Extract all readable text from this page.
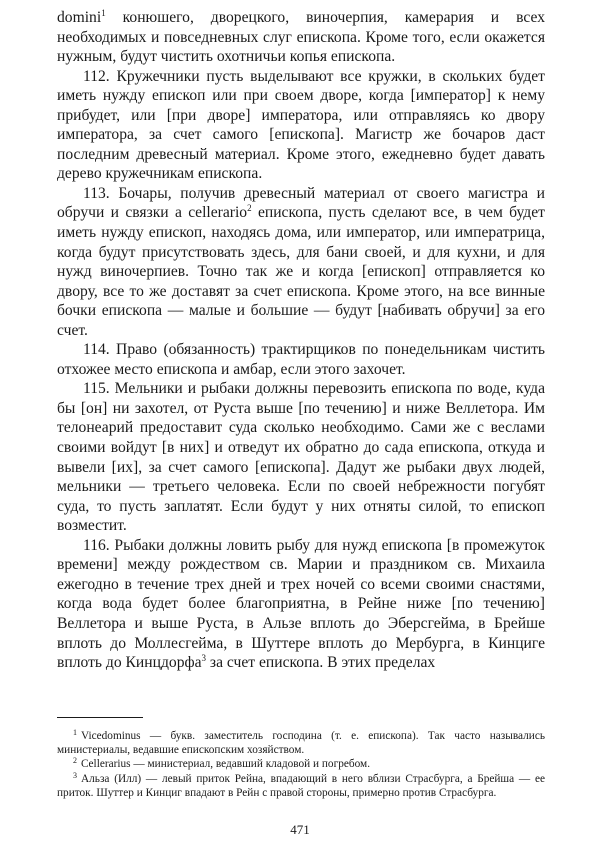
domini$^1$ конюшего, дворецкого, виночерпия, камерария и всех необходимых и повседневных слуг епископа. Кроме того, если окажется нужным, будут чистить охотничьи копья епископа.

112. Кружечники пусть выделывают все кружки, в скольких будет иметь нужду епископ или при своем дворе, когда [император] к нему прибудет, или [при дворе] императора, или отправляясь ко двору императора, за счет самого [епископа]. Магистр же бочаров даст последним древесный материал. Кроме этого, ежедневно будет давать дерево кружечникам епископа.

113. Бочары, получив древесный материал от своего магистра и обручи и связки а cellerario$^2$ епископа, пусть сделают все, в чем будет иметь нужду епископ, находясь дома, или император, или императрица, когда будут присутствовать здесь, для бани своей, и для кухни, и для нужд виночерпиев. Точно так же и когда [епископ] отправляется ко двору, все то же доставят за счет епископа. Кроме этого, на все винные бочки епископа — малые и большие — будут [набивать обручи] за его счет.

114. Право (обязанность) трактирщиков по понедельникам чистить отхожее место епископа и амбар, если этого захочет.

115. Мельники и рыбаки должны перевозить епископа по воде, куда бы [он] ни захотел, от Руста выше [по течению] и ниже Веллетора. Им телонеарий предоставит суда сколько необходимо. Сами же с веслами своими войдут [в них] и отведут их обратно до сада епископа, откуда и вывели [их], за счет самого [епископа]. Дадут же рыбаки двух людей, мельники — третьего человека. Если по своей небрежности погубят суда, то пусть заплатят. Если будут у них отняты силой, то епископ возместит.

116. Рыбаки должны ловить рыбу для нужд епископа [в промежуток времени] между рождеством св. Марии и праздником св. Михаила ежегодно в течение трех дней и трех ночей со всеми своими снастями, когда вода будет более благоприятна, в Рейне ниже [по течению] Веллетора и выше Руста, в Альзе вплоть до Эберсгейма, в Брейше вплоть до Моллесгейма, в Шуттере вплоть до Мербурга, в Кинциге вплоть до Кинцдорфа$^3$ за счет епископа. В этих пределах

$^1$ Vicedominus — букв. заместитель господина (т. е. епископа). Так часто назывались министериалы, ведавшие епископским хозяйством.

$^2$ Cellerarius — министериал, ведавший кладовой и погребом.

$^3$ Альза (Илл) — левый приток Рейна, впадающий в него вблизи Страсбурга, а Брейша — ее приток. Шуттер и Кинциг впадают в Рейн с правой стороны, примерно против Страсбурга.

471
